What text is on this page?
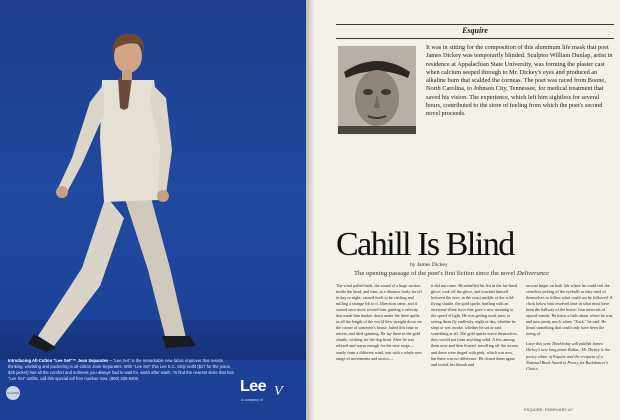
Introducing All-Cotton "Lee Set"™ Jean Separates – "Lee Set" is the remarkable new fabric improver that resists thinking, wrinkling and puckering in all-cotton Jean Separates. With "Lee Set" this Lee K.C. Strip outfit ($17 for the jeans, $25 jacket) has all the comfort and softness you always had to wait for, wash after wash. To find the nearest store that has "Lee Set" outfits, call this special toll free number now. (800) 325-6400.
CLAUSS	Lee V
A company of
Esquire
It was in sitting for the composition of this aluminum life mask that poet James Dickey was temporarily blinded. Sculptor William Dunlap, artist in residence at Appalachian State University, was forming the plaster cast when calcium seeped through to Mr. Dickey's eyes and produced an alkaline burn that scalded the corneas. The poet was raced from Boone, North Carolina, to Johnson City, Tennessee, for medical treatment that saved his vision. The experience, which left him sightless for several hours, contributed to the store of feeling from which the poet's second novel proceeds.
Cahill Is Blind
by James Dickey
The opening passage of the poet's first fiction since the novel Deliverance
The wind pulled back, the sound of a huge suction inside the head, and then, at a distance fairly far off in day or night, caused itself to be circling and milling a strange lift to it. Direction came, and it started once more toward him, gaining a velocity that made him hunker down under the three quilts as all the length of the world flew straight down on the corner of someone's house, failed this time to retreat, and died spinning. He lay there in the gold shuttle, wishing for the dog head. After he was relaxed and warm enough for the next surge—surely from a different wind, one with a whole new range of movements and tactics—
it did not come. He unballed his fist in the fur-lined glove, took off the glove, and touched himself between the eyes, in the exact middle of the wild-flying shuttle, the gold sparks hurtling with an awesome silent force that gave a new meaning to the speed of light. He was getting used, now, to seeing them fly endlessly, night or day, whether he slept or was awake, whether he sat or said something at all. The gold sparks move themselves: they would not form anything solid. A few among them now and then floated, travelling off the screen, and these were tinged with pink, which was new, but there was no difference. He closed them again and rested, his thumb and
second finger on both lids where he could feel the ceaseless jerking of the eyeballs as they tried of themselves to follow what could not be followed. A clock below him resolved time in what must have been the hallway of the house: four intervals of spaced metals. He knew a little about where he was, and now pretty much when. "Zack," he said. He heard something that could only have been the rising of
Later this year, Doubleday will publish James Dickey's new long poem Zodiac. Mr. Dickey is the poetry editor of Esquire and the recipient of a National Book Award in Poetry for Buckdancer's Choice.
ESQUIRE: FEBRUARY 67
